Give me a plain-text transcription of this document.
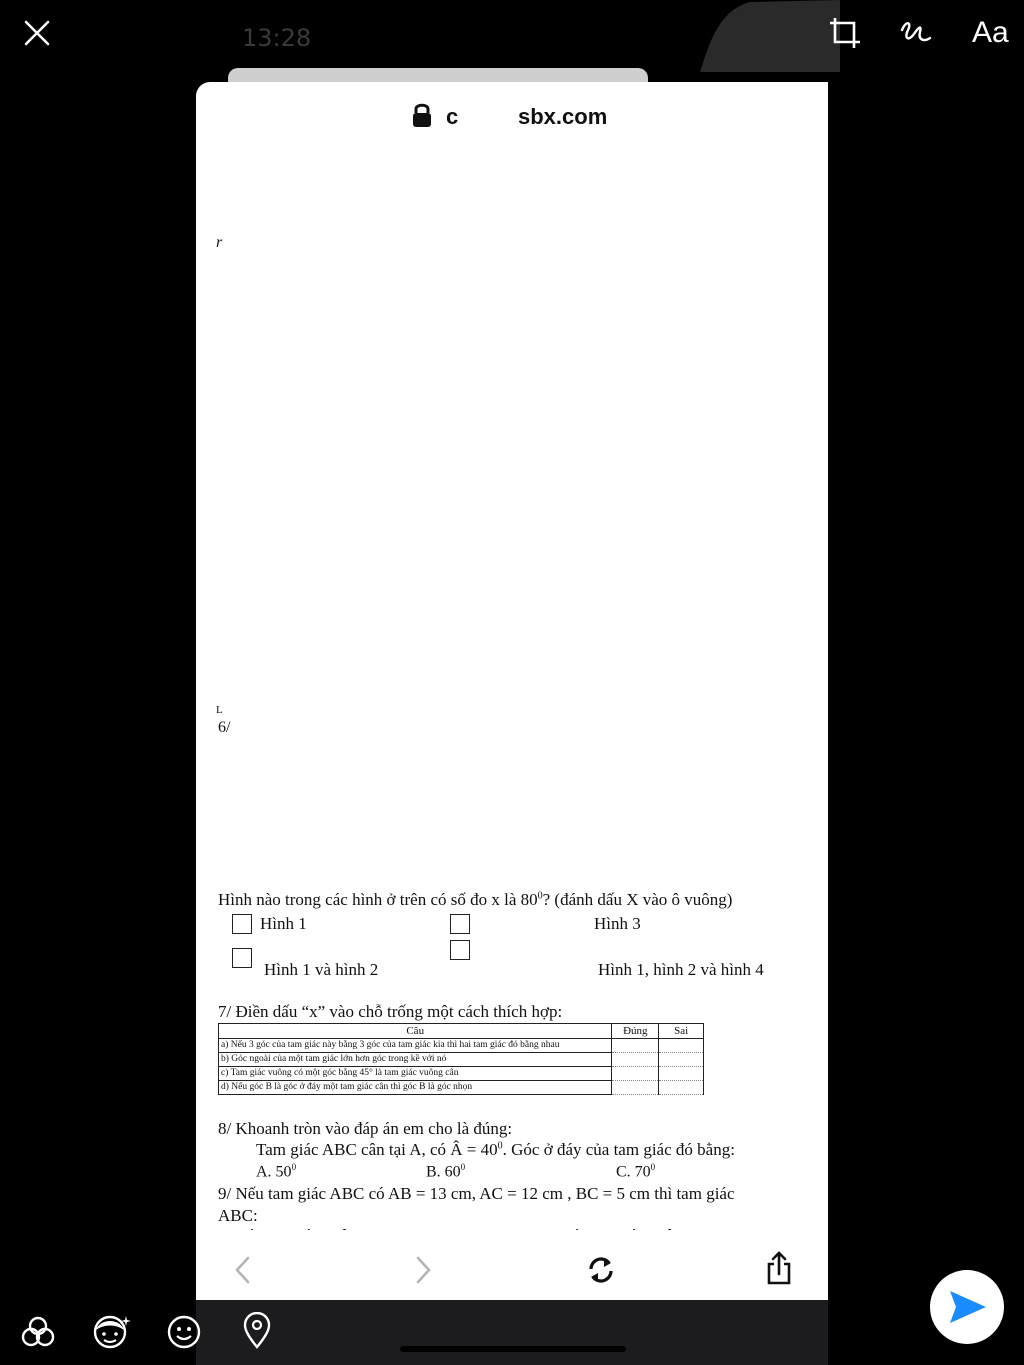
13:28	Aa
c	sbx.com
r
L
6/
Hình nào trong các hình ở trên có số đo x là $80^0$? (đánh dấu X vào ô vuông)
Hình 1	Hình 3
Hình 1 và hình 2	Hình 1, hình 2 và hình 4
7/ Điền dấu “x” vào chỗ trống một cách thích hợp:
Câu	Đúng	Sai
a) Nếu 3 góc của tam giác này bằng 3 góc của tam giác kia thì hai tam giác đó bằng nhau		
b) Góc ngoài của một tam giác lớn hơn góc trong kề với nó		
c) Tam giác vuông có một góc bằng 45° là tam giác vuông cân		
d) Nếu góc B là góc ở đáy một tam giác cân thì góc B là góc nhọn		
8/ Khoanh tròn vào đáp án em cho là đúng:
Tam giác ABC cân tại A, có Â = $40^0$. Góc ở đáy của tam giác đó bằng:
A. $50^0$	B. $60^0$	C. $70^0$
9/ Nếu tam giác ABC có AB = 13 cm, AC = 12 cm , BC = 5 cm thì tam giác
ABC:
